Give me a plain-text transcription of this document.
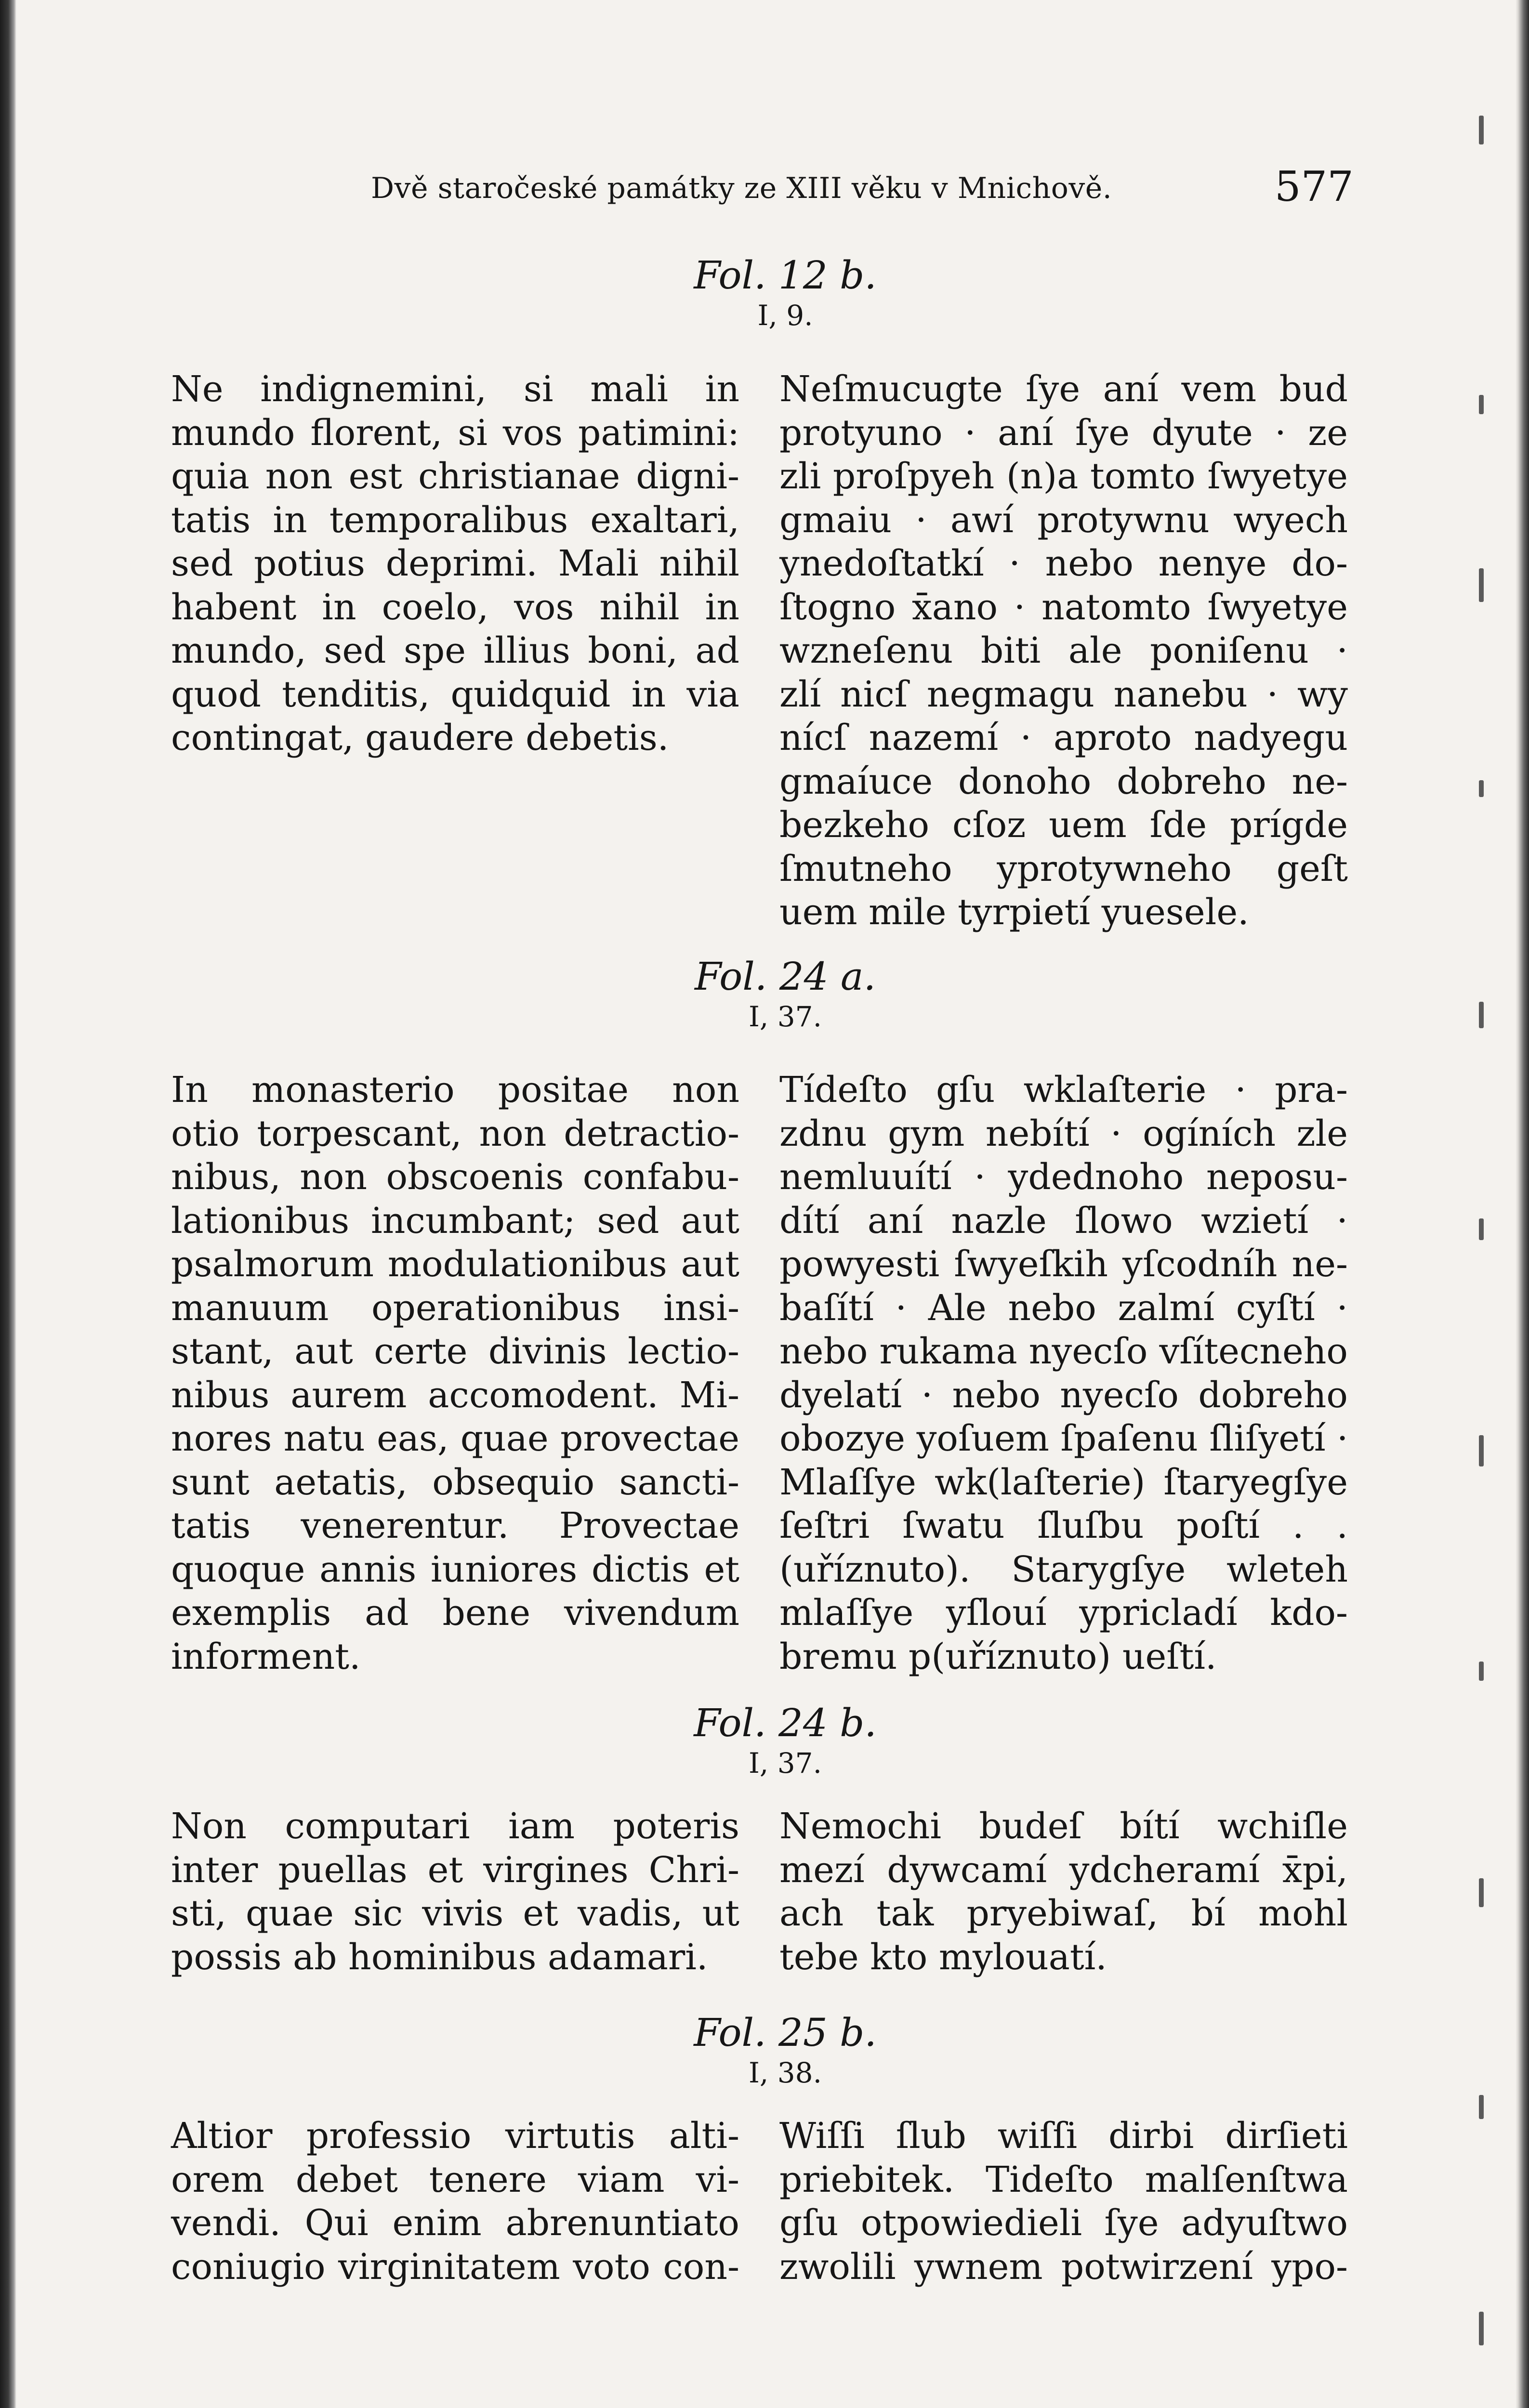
Dvě staročeské památky ze XIII věku v Mnichově.	577
Fol. 12 b.
I, 9.
Ne indignemini, si mali in
mundo florent, si vos patimini:
quia non est christianae digni-
tatis in temporalibus exaltari,
sed potius deprimi. Mali nihil
habent in coelo, vos nihil in
mundo, sed spe illius boni, ad
quod tenditis, quidquid in via
contingat, gaudere debetis.
Neſmucugte ſye aní vem bud
protyuno · aní ſye dyute · ze
zli proſpyeh (n)a tomto ſwyetye
gmaiu · awí protywnu wyech
ynedoſtatkí · nebo nenye do-
ſtogno x̄ano · natomto ſwyetye
wzneſenu biti ale poniſenu ·
zlí nicſ negmagu nanebu · wy
nícſ nazemí · aproto nadyegu
gmaíuce donoho dobreho ne-
bezkeho cſoz uem ſde prígde
ſmutneho yprotywneho geſt
uem mile tyrpietí yuesele.
Fol. 24 a.
I, 37.
In monasterio positae non
otio torpescant, non detractio-
nibus, non obscoenis confabu-
lationibus incumbant; sed aut
psalmorum modulationibus aut
manuum operationibus insi-
stant, aut certe divinis lectio-
nibus aurem accomodent. Mi-
nores natu eas, quae provectae
sunt aetatis, obsequio sancti-
tatis venerentur. Provectae
quoque annis iuniores dictis et
exemplis ad bene vivendum
informent.
Tídeſto gſu wklaſterie · pra-
zdnu gym nebítí · ogíních zle
nemluuítí · ydednoho neposu-
dítí aní nazle ſlowo wzietí ·
powyesti ſwyeſkih yſcodníh ne-
baſítí · Ale nebo zalmí cyſtí ·
nebo rukama nyecſo vſítecneho
dyelatí · nebo nyecſo dobreho
obozye yoſuem ſpaſenu ſliſyetí ·
Mlaſſye wk(laſterie) ſtaryegſye
ſeſtri ſwatu ſluſbu poſtí . .
(uříznuto). Starygſye wleteh
mlaſſye yſlouí ypricladí kdo-
bremu p(uříznuto) ueſtí.
Fol. 24 b.
I, 37.
Non computari iam poteris
inter puellas et virgines Chri-
sti, quae sic vivis et vadis, ut
possis ab hominibus adamari.
Nemochi budeſ bítí wchiſle
mezí dywcamí ydcheramí x̄pi,
ach tak pryebiwaſ, bí mohl
tebe kto mylouatí.
Fol. 25 b.
I, 38.
Altior professio virtutis alti-
orem debet tenere viam vi-
vendi. Qui enim abrenuntiato
coniugio virginitatem voto con-
Wiſſi ſlub wiſſi dirbi dirſieti
priebitek. Tideſto malſenſtwa
gſu otpowiedieli ſye adyuſtwo
zwolili ywnem potwirzení ypo-
